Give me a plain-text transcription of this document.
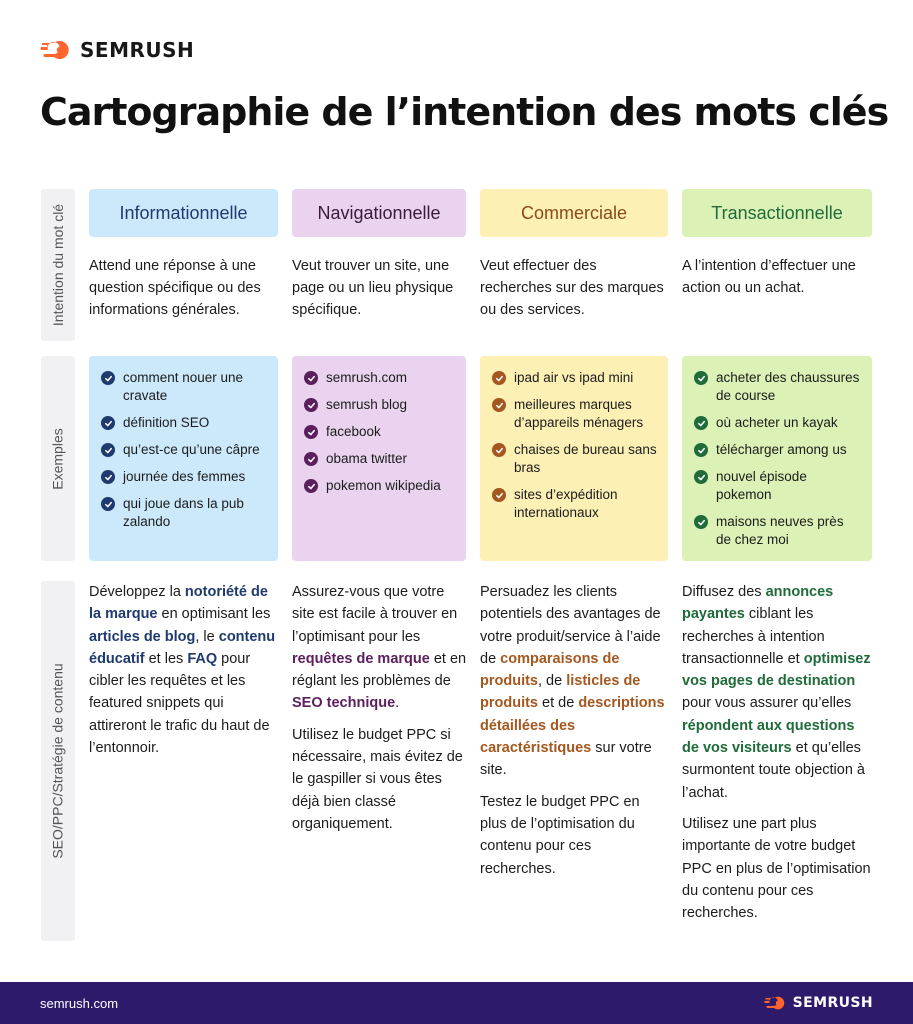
SEMRUSH
Cartographie de l’intention des mots clés
Intention du mot clé
Exemples
SEO/PPC/Stratégie de contenu
Informationnelle
Attend une réponse à une question spécifique ou des informations générales.
comment nouer une cravate
définition SEO
qu’est-ce qu’une câpre
journée des femmes
qui joue dans la pub zalando

Développez la notoriété de la marque en optimisant les articles de blog, le contenu éducatif et les FAQ pour cibler les requêtes et les featured snippets qui attireront le trafic du haut de l’entonnoir.

Navigationnelle
Veut trouver un site, une page ou un lieu physique spécifique.
semrush.com
semrush blog
facebook
obama twitter
pokemon wikipedia

Assurez-vous que votre site est facile à trouver en l’optimisant pour les requêtes de marque et en réglant les problèmes de SEO technique.

Utilisez le budget PPC si nécessaire, mais évitez de le gaspiller si vous êtes déjà bien classé organiquement.

Commerciale
Veut effectuer des recherches sur des marques ou des services.
ipad air vs ipad mini
meilleures marques d’appareils ménagers
chaises de bureau sans bras
sites d’expédition internationaux

Persuadez les clients potentiels des avantages de votre produit/service à l’aide de comparaisons de produits, de listicles de produits et de descriptions détaillées des caractéristiques sur votre site.

Testez le budget PPC en plus de l’optimisation du contenu pour ces recherches.

Transactionnelle
A l’intention d’effectuer une action ou un achat.
acheter des chaussures de course
où acheter un kayak
télécharger among us
nouvel épisode pokemon
maisons neuves près de chez moi

Diffusez des annonces payantes ciblant les recherches à intention transactionnelle et optimisez vos pages de destination pour vous assurer qu’elles répondent aux questions de vos visiteurs et qu’elles surmontent toute objection à l’achat.

Utilisez une part plus importante de votre budget PPC en plus de l’optimisation du contenu pour ces recherches.

semrush.com	SEMRUSH
